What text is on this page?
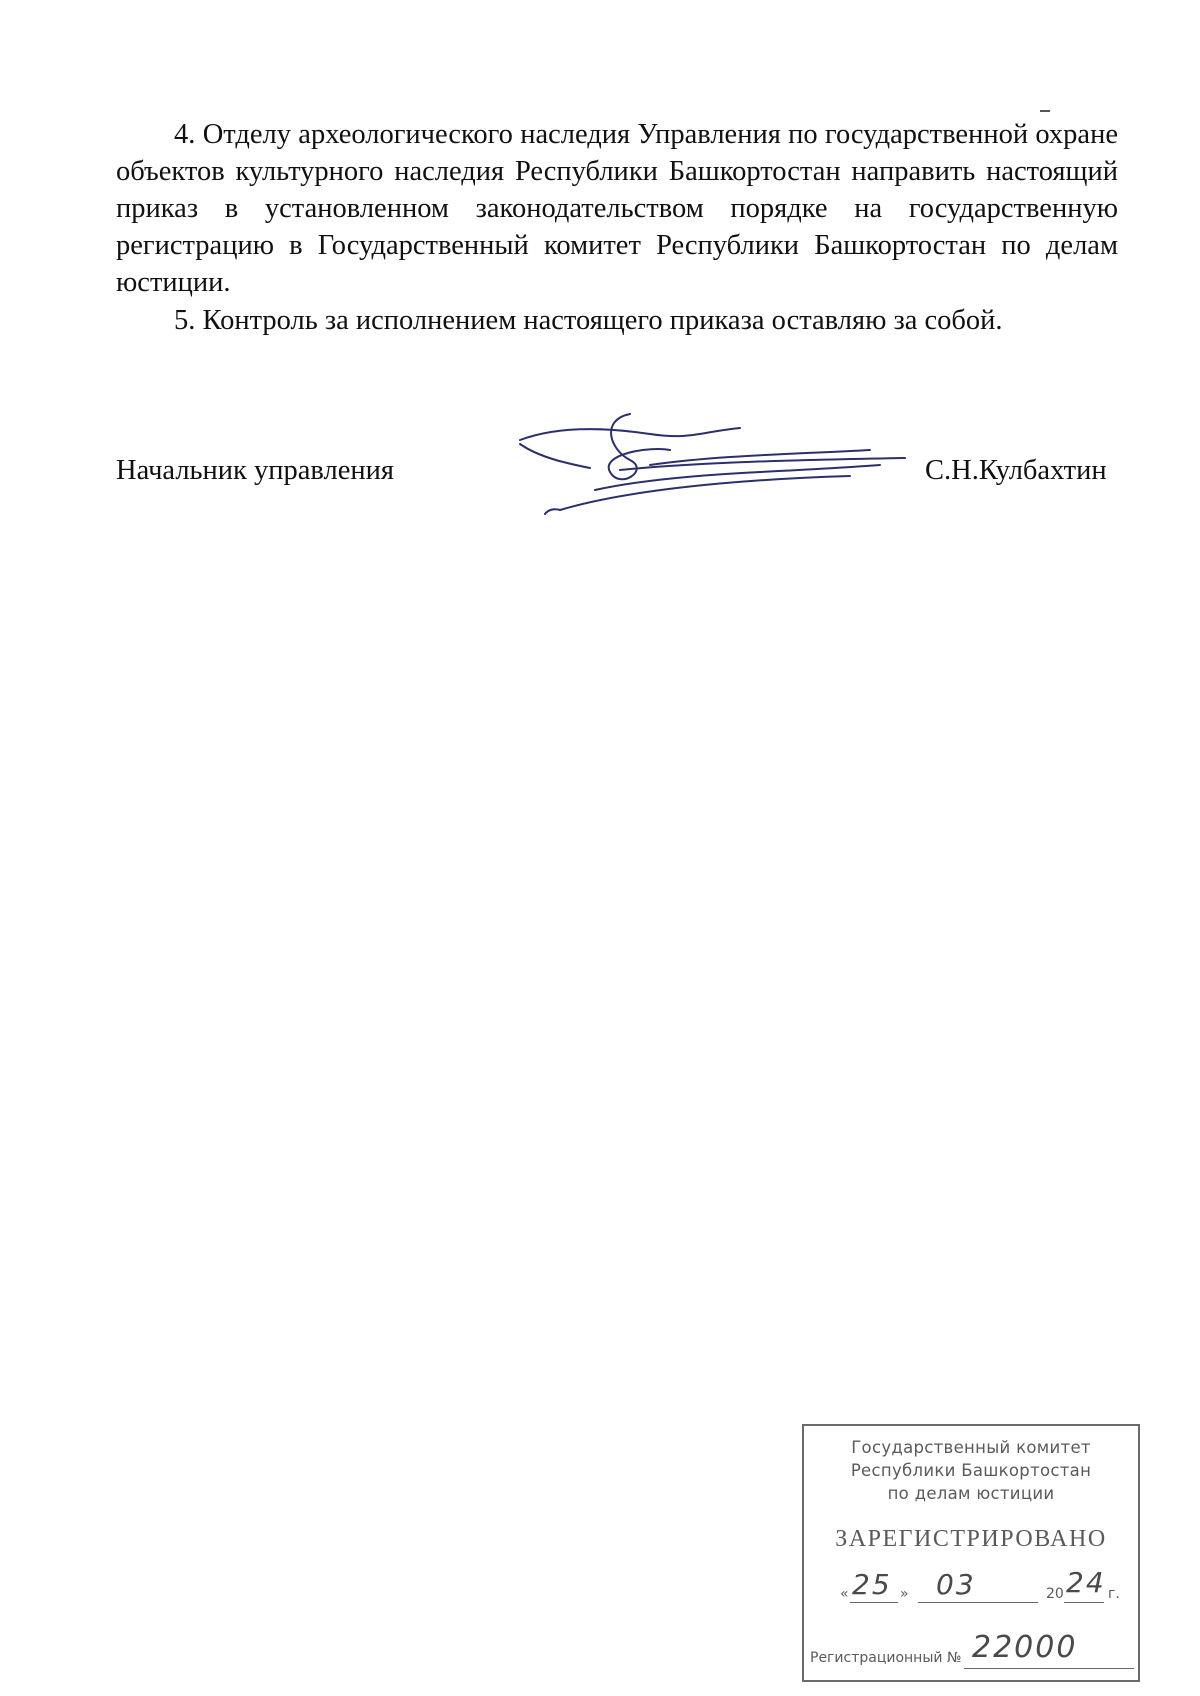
4. Отделу археологического наследия Управления по государственной охране объектов культурного наследия Республики Башкортостан направить настоящий приказ в установленном законодательством порядке на государственную регистрацию в Государственный комитет Республики Башкортостан по делам юстиции.

5. Контроль за исполнением настоящего приказа оставляю за собой.

Начальник управления	С.Н.Кулбахтин
Государственный комитет
Республики Башкортостан
по делам юстиции
ЗАРЕГИСТРИРОВАНО
« 25 » 03	20 24 г.
Регистрационный № 22000
